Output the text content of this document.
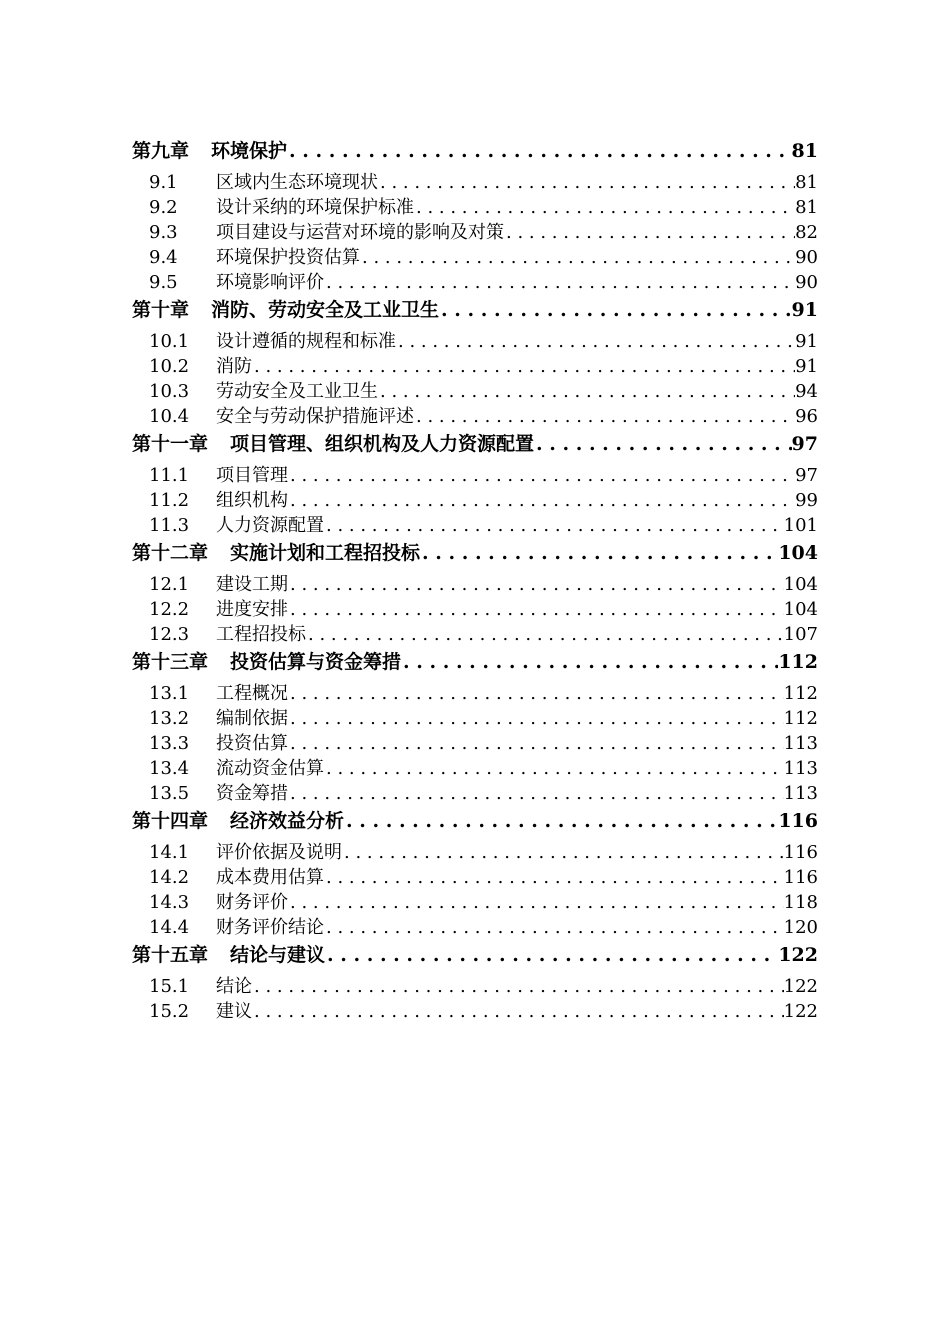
第九章 环境保护 . . .	81
9.1	区域内生态环境现状 . . .	81
9.2	设计采纳的环境保护标准 . . .	81
9.3	项目建设与运营对环境的影响及对策 . . .	82
9.4	环境保护投资估算 . . .	90
9.5	环境影响评价 . . .	90
第十章 消防、劳动安全及工业卫生 . . .	91
10.1	设计遵循的规程和标准 . . .	91
10.2	消防 . . .	91
10.3	劳动安全及工业卫生 . . .	94
10.4	安全与劳动保护措施评述 . . .	96
第十一章 项目管理、组织机构及人力资源配置 . . .	97
11.1	项目管理 . . .	97
11.2	组织机构 . . .	99
11.3	人力资源配置 . . .	101
第十二章 实施计划和工程招投标 . . .	104
12.1	建设工期 . . .	104
12.2	进度安排 . . .	104
12.3	工程招投标 . . .	107
第十三章 投资估算与资金筹措 . . .	112
13.1	工程概况 . . .	112
13.2	编制依据 . . .	112
13.3	投资估算 . . .	113
13.4	流动资金估算 . . .	113
13.5	资金筹措 . . .	113
第十四章 经济效益分析 . . .	116
14.1	评价依据及说明 . . .	116
14.2	成本费用估算 . . .	116
14.3	财务评价 . . .	118
14.4	财务评价结论 . . .	120
第十五章 结论与建议 . . .	122
15.1	结论 . . .	122
15.2	建议 . . .	122
